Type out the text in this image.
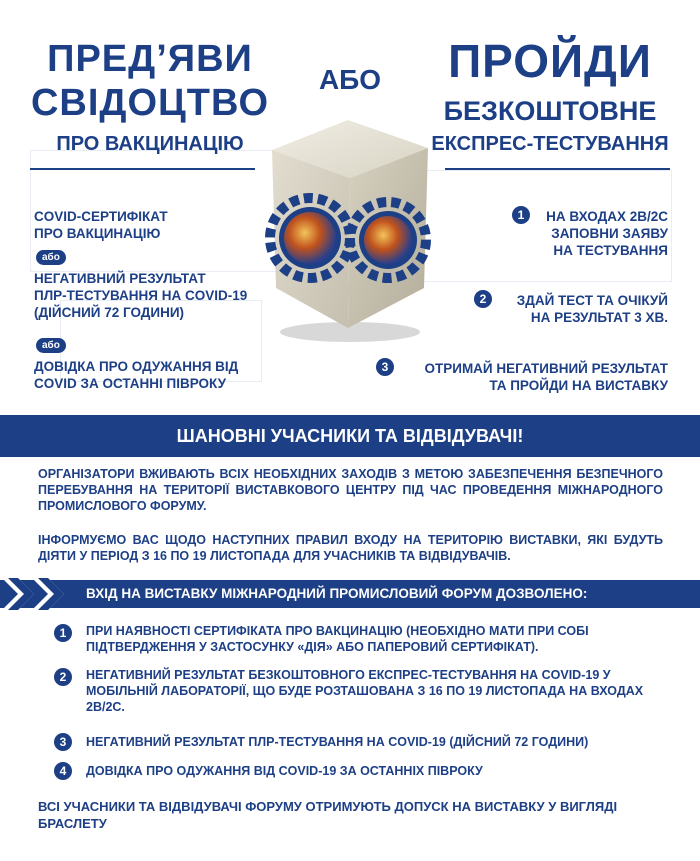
ПРЕД’ЯВИ
СВІДОЦТВО
ПРО ВАКЦИНАЦІЮ
АБО	ПРОЙДИ
БЕЗКОШТОВНЕ
ЕКСПРЕС-ТЕСТУВАННЯ
COVID-СЕРТИФІКАТ
ПРО ВАКЦИНАЦІЮ
або
НЕГАТИВНИЙ РЕЗУЛЬТАТ
ПЛР-ТЕСТУВАННЯ НА COVID-19
(ДІЙСНИЙ 72 ГОДИНИ)
або
ДОВІДКА ПРО ОДУЖАННЯ ВІД
COVID ЗА ОСТАННІ ПІВРОКУ
1	НА ВХОДАХ 2В/2С
ЗАПОВНИ ЗАЯВУ
НА ТЕСТУВАННЯ
2	ЗДАЙ ТЕСТ ТА ОЧІКУЙ
НА РЕЗУЛЬТАТ 3 ХВ.
3	ОТРИМАЙ НЕГАТИВНИЙ РЕЗУЛЬТАТ
ТА ПРОЙДИ НА ВИСТАВКУ
ШАНОВНІ УЧАСНИКИ ТА ВІДВІДУВАЧІ!
ОРГАНІЗАТОРИ ВЖИВАЮТЬ ВСІХ НЕОБХІДНИХ ЗАХОДІВ З МЕТОЮ ЗАБЕЗПЕЧЕННЯ БЕЗПЕЧНОГО ПЕРЕБУВАННЯ НА ТЕРИТОРІЇ ВИСТАВКОВОГО ЦЕНТРУ ПІД ЧАС ПРОВЕДЕННЯ МІЖНАРОДНОГО ПРОМИСЛОВОГО ФОРУМУ.
ІНФОРМУЄМО ВАС ЩОДО НАСТУПНИХ ПРАВИЛ ВХОДУ НА ТЕРИТОРІЮ ВИСТАВКИ, ЯКІ БУДУТЬ ДІЯТИ У ПЕРІОД З 16 ПО 19 ЛИСТОПАДА ДЛЯ УЧАСНИКІВ ТА ВІДВІДУВАЧІВ.
ВХІД НА ВИСТАВКУ МІЖНАРОДНИЙ ПРОМИСЛОВИЙ ФОРУМ ДОЗВОЛЕНО:
1	ПРИ НАЯВНОСТІ СЕРТИФІКАТА ПРО ВАКЦИНАЦІЮ (НЕОБХІДНО МАТИ ПРИ СОБІ ПІДТВЕРДЖЕННЯ У ЗАСТОСУНКУ «ДІЯ» АБО ПАПЕРОВИЙ СЕРТИФІКАТ).
2	НЕГАТИВНИЙ РЕЗУЛЬТАТ БЕЗКОШТОВНОГО ЕКСПРЕС-ТЕСТУВАННЯ НА COVID-19 У МОБІЛЬНІЙ ЛАБОРАТОРІЇ, ЩО БУДЕ РОЗТАШОВАНА З 16 ПО 19 ЛИСТОПАДА НА ВХОДАХ 2В/2С.
3	НЕГАТИВНИЙ РЕЗУЛЬТАТ ПЛР-ТЕСТУВАННЯ НА COVID-19 (ДІЙСНИЙ 72 ГОДИНИ)
4	ДОВІДКА ПРО ОДУЖАННЯ ВІД COVID-19 ЗА ОСТАННІХ ПІВРОКУ
ВСІ УЧАСНИКИ ТА ВІДВІДУВАЧІ ФОРУМУ ОТРИМУЮТЬ ДОПУСК НА ВИСТАВКУ У ВИГЛЯДІ БРАСЛЕТУ
